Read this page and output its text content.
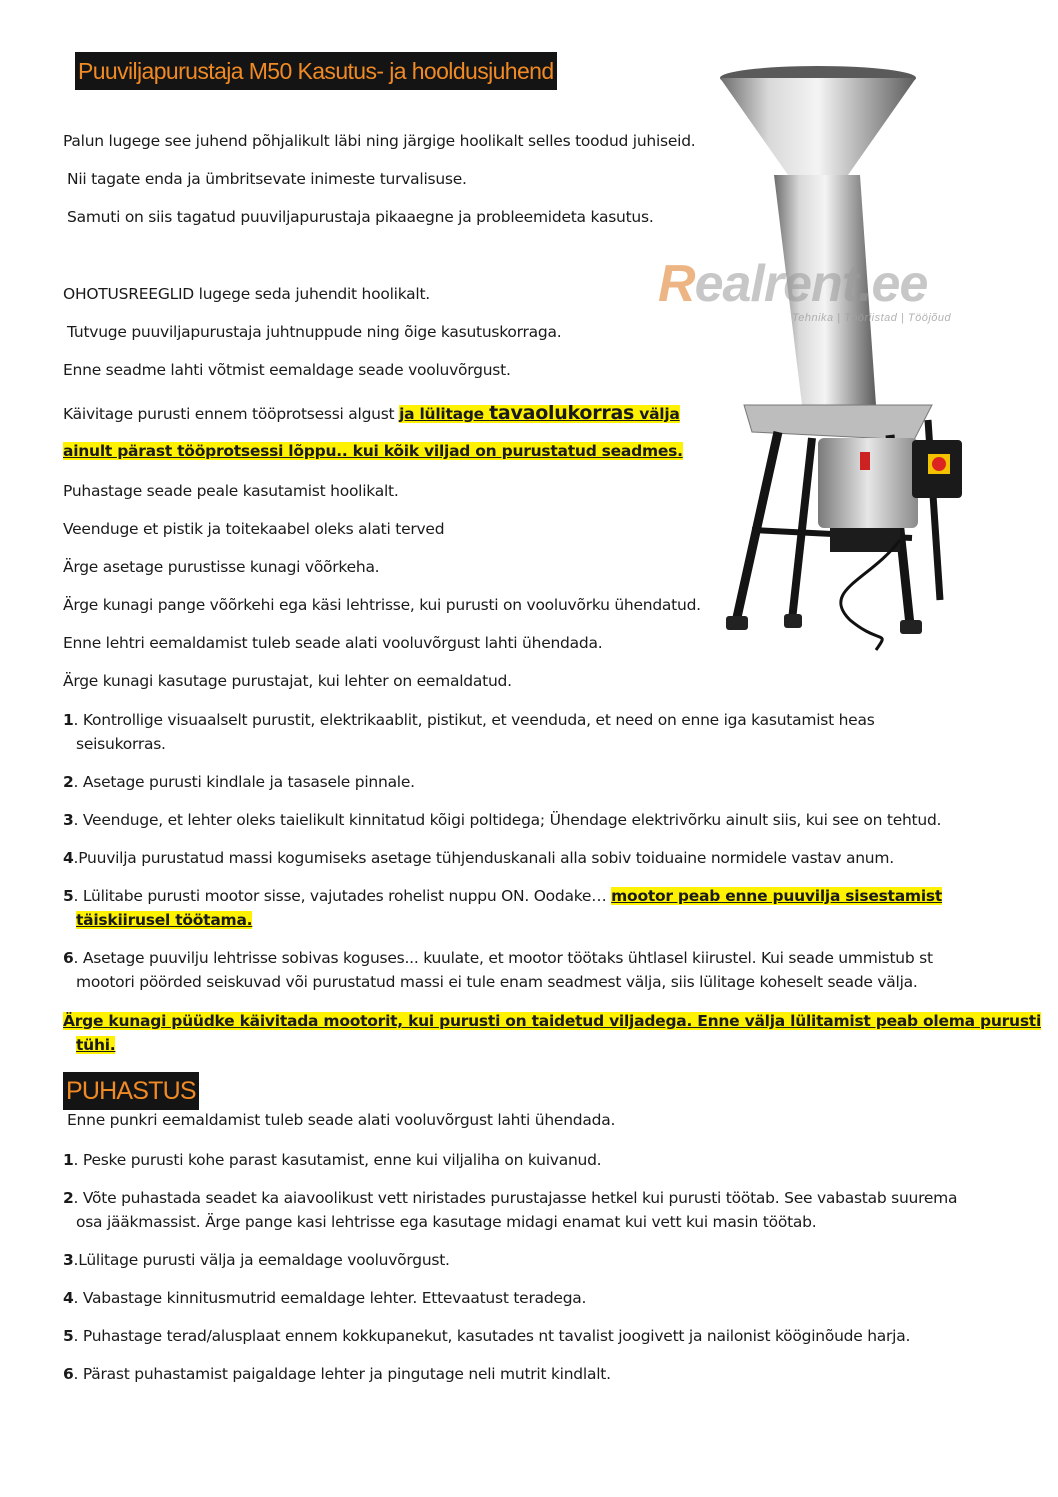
Puuviljapurustaja M50 Kasutus- ja hooldusjuhend
Realrent.ee
Tehnika | Tööriistad | Tööjõud
Palun lugege see juhend põhjalikult läbi ning järgige hoolikalt selles toodud juhiseid.
Nii tagate enda ja ümbritsevate inimeste turvalisuse.
Samuti on siis tagatud puuviljapurustaja pikaaegne ja probleemideta kasutus.
OHOTUSREEGLID lugege seda juhendit hoolikalt.
Tutvuge puuviljapurustaja juhtnuppude ning õige kasutuskorraga.
Enne seadme lahti võtmist eemaldage seade vooluvõrgust.
Käivitage purusti ennem tööprotsessi algust ja lülitage tavaolukorras välja
ainult pärast tööprotsessi lõppu.. kui kõik viljad on purustatud seadmes.
Puhastage seade peale kasutamist hoolikalt.
Veenduge et pistik ja toitekaabel oleks alati terved
Ärge asetage purustisse kunagi võõrkeha.
Ärge kunagi pange võõrkehi ega käsi lehtrisse, kui purusti on vooluvõrku ühendatud.
Enne lehtri eemaldamist tuleb seade alati vooluvõrgust lahti ühendada.
Ärge kunagi kasutage purustajat, kui lehter on eemaldatud.
1. Kontrollige visuaalselt purustit, elektrikaablit, pistikut, et veenduda, et need on enne iga kasutamist heas
seisukorras.
2. Asetage purusti kindlale ja tasasele pinnale.
3. Veenduge, et lehter oleks taielikult kinnitatud kõigi poltidega; Ühendage elektrivõrku ainult siis, kui see on tehtud.
4.Puuvilja purustatud massi kogumiseks asetage tühjenduskanali alla sobiv toiduaine normidele vastav anum.
5. Lülitabe purusti mootor sisse, vajutades rohelist nuppu ON. Oodake… mootor peab enne puuvilja sisestamist
täiskiirusel töötama.
6. Asetage puuvilju lehtrisse sobivas koguses... kuulate, et mootor töötaks ühtlasel kiirustel. Kui seade ummistub st
mootori pöörded seiskuvad või purustatud massi ei tule enam seadmest välja, siis lülitage koheselt seade välja.
Ärge kunagi püüdke käivitada mootorit, kui purusti on taidetud viljadega. Enne välja lülitamist peab olema purusti
tühi.
PUHASTUS
Enne punkri eemaldamist tuleb seade alati vooluvõrgust lahti ühendada.
1. Peske purusti kohe parast kasutamist, enne kui viljaliha on kuivanud.
2. Võte puhastada seadet ka aiavoolikust vett niristades purustajasse hetkel kui purusti töötab. See vabastab suurema
osa jääkmassist. Ärge pange kasi lehtrisse ega kasutage midagi enamat kui vett kui masin töötab.
3.Lülitage purusti välja ja eemaldage vooluvõrgust.
4. Vabastage kinnitusmutrid eemaldage lehter. Ettevaatust teradega.
5. Puhastage terad/alusplaat ennem kokkupanekut, kasutades nt tavalist joogivett ja nailonist kööginõude harja.
6. Pärast puhastamist paigaldage lehter ja pingutage neli mutrit kindlalt.
